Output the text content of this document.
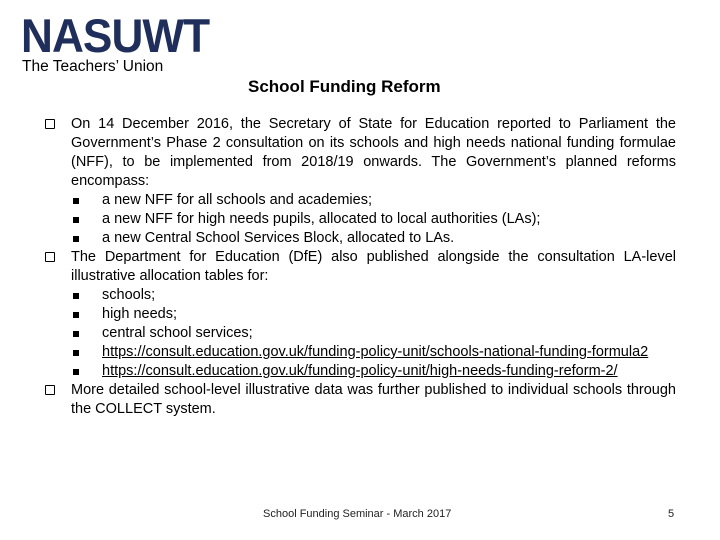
NASUWT
The Teachers’ Union
School Funding Reform
On 14 December 2016, the Secretary of State for Education reported to Parliament the Government’s Phase 2 consultation on its schools and high needs national funding formulae (NFF), to be implemented from 2018/19 onwards. The Government’s planned reforms encompass:
a new NFF for all schools and academies;
a new NFF for high needs pupils, allocated to local authorities (LAs);
a new Central School Services Block, allocated to LAs.
The Department for Education (DfE) also published alongside the consultation LA-level illustrative allocation tables for:
schools;
high needs;
central school services;
https://consult.education.gov.uk/funding-policy-unit/schools-national-funding-formula2
https://consult.education.gov.uk/funding-policy-unit/high-needs-funding-reform-2/
More detailed school-level illustrative data was further published to individual schools through the COLLECT system.
School Funding Seminar - March 2017	5
